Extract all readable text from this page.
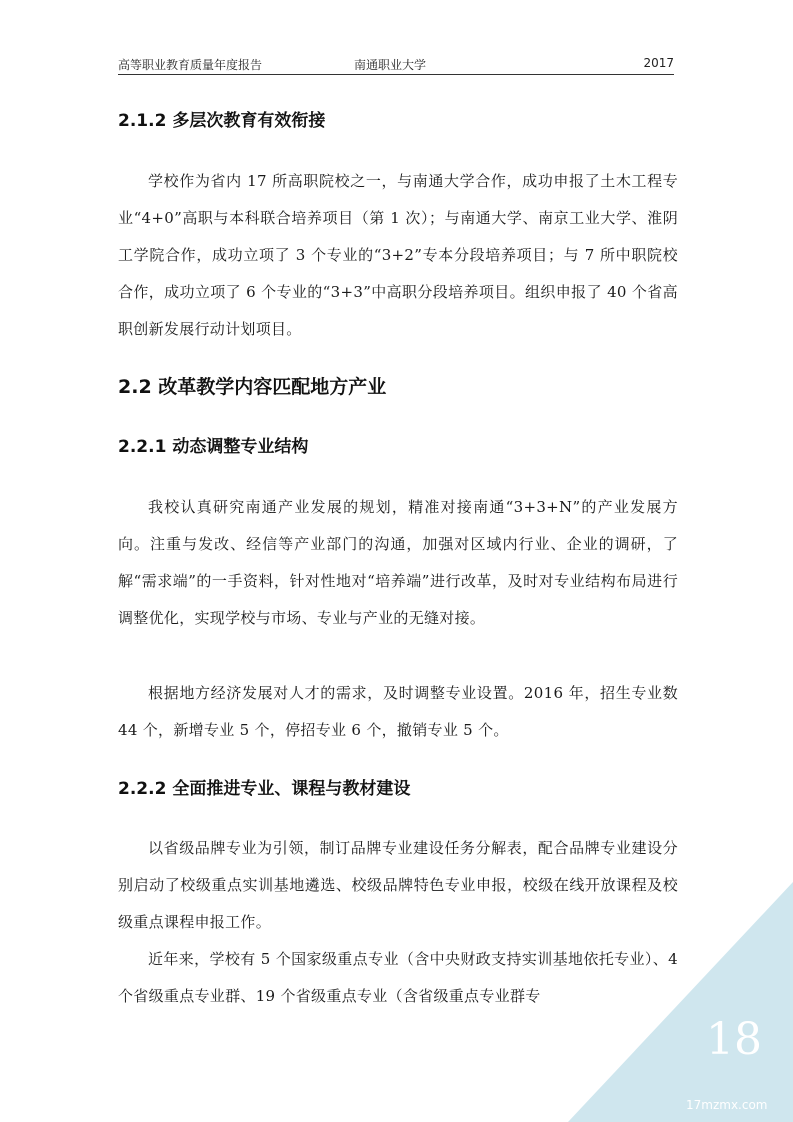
高等职业教育质量年度报告	南通职业大学	2017
2.1.2 多层次教育有效衔接

学校作为省内 17 所高职院校之一，与南通大学合作，成功申报了土木工程专业“4+0”高职与本科联合培养项目（第 1 次）；与南通大学、南京工业大学、淮阴工学院合作，成功立项了 3 个专业的“3+2”专本分段培养项目；与 7 所中职院校合作，成功立项了 6 个专业的“3+3”中高职分段培养项目。组织申报了 40 个省高职创新发展行动计划项目。

2.2 改革教学内容匹配地方产业
2.2.1 动态调整专业结构

我校认真研究南通产业发展的规划，精准对接南通“3+3+N”的产业发展方向。注重与发改、经信等产业部门的沟通，加强对区域内行业、企业的调研，了解“需求端”的一手资料，针对性地对“培养端”进行改革，及时对专业结构布局进行调整优化，实现学校与市场、专业与产业的无缝对接。

根据地方经济发展对人才的需求，及时调整专业设置。2016 年，招生专业数 44 个，新增专业 5 个，停招专业 6 个，撤销专业 5 个。

2.2.2 全面推进专业、课程与教材建设

以省级品牌专业为引领，制订品牌专业建设任务分解表，配合品牌专业建设分别启动了校级重点实训基地遴选、校级品牌特色专业申报，校级在线开放课程及校级重点课程申报工作。

近年来，学校有 5 个国家级重点专业（含中央财政支持实训基地依托专业）、4 个省级重点专业群、19 个省级重点专业（含省级重点专业群专

18
17mzmx.com
